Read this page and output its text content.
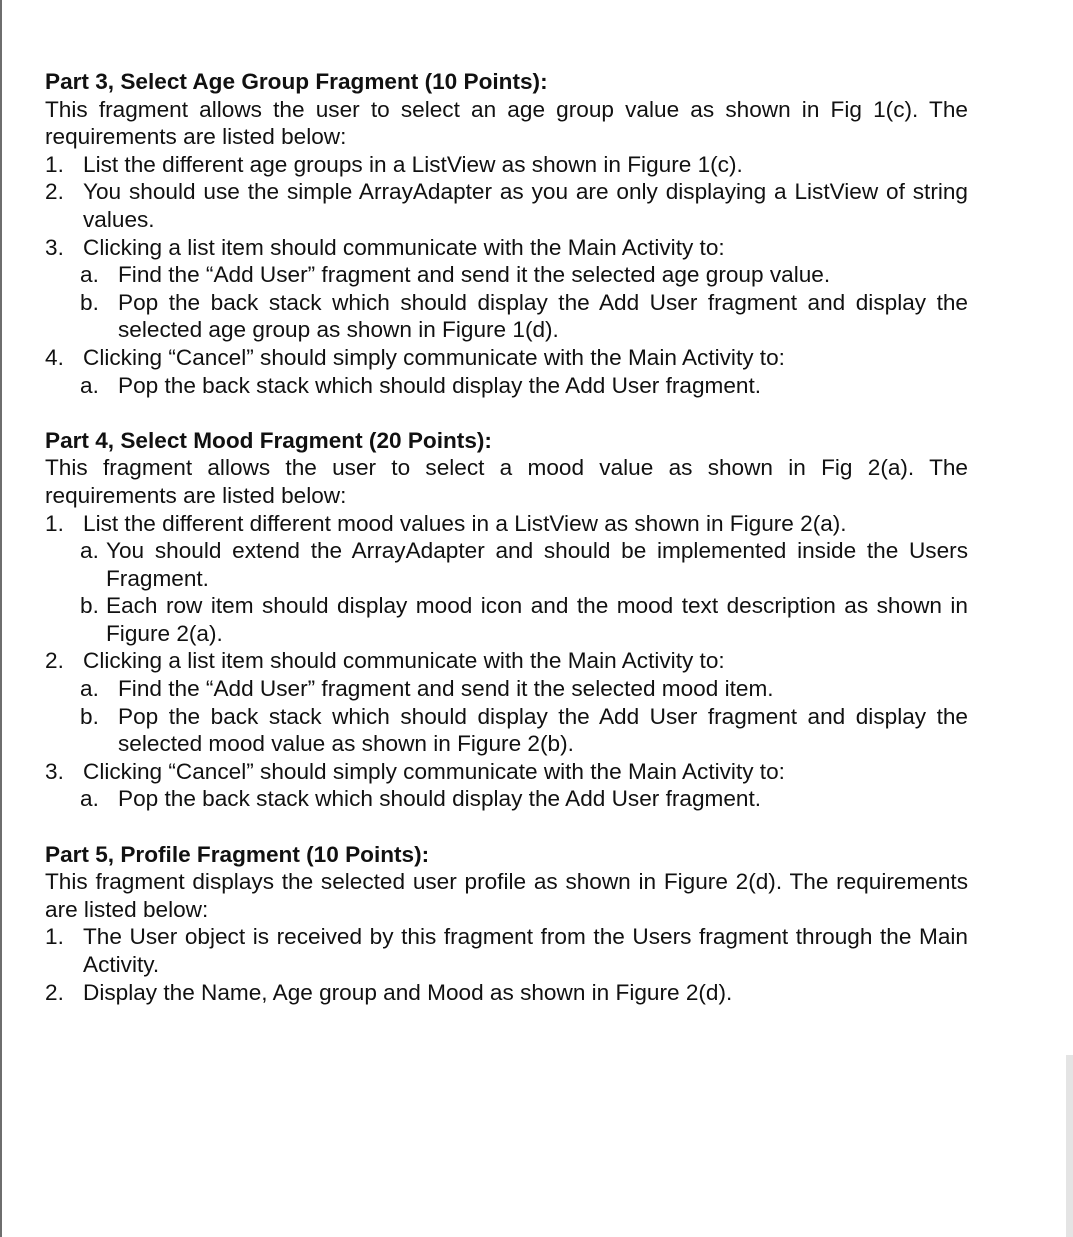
Part 3, Select Age Group Fragment (10 Points):

This fragment allows the user to select an age group value as shown in Fig 1(c). The requirements are listed below:

1. List the different age groups in a ListView as shown in Figure 1(c).
2. You should use the simple ArrayAdapter as you are only displaying a ListView of string values.
3. Clicking a list item should communicate with the Main Activity to:
a. Find the “Add User” fragment and send it the selected age group value.
b. Pop the back stack which should display the Add User fragment and display the selected age group as shown in Figure 1(d).
4. Clicking “Cancel” should simply communicate with the Main Activity to:
a. Pop the back stack which should display the Add User fragment.

Part 4, Select Mood Fragment (20 Points):

This fragment allows the user to select a mood value as shown in Fig 2(a). The requirements are listed below:

1. List the different different mood values in a ListView as shown in Figure 2(a).
a. You should extend the ArrayAdapter and should be implemented inside the Users Fragment.
b. Each row item should display mood icon and the mood text description as shown in Figure 2(a).
2. Clicking a list item should communicate with the Main Activity to:
a. Find the “Add User” fragment and send it the selected mood item.
b. Pop the back stack which should display the Add User fragment and display the selected mood value as shown in Figure 2(b).
3. Clicking “Cancel” should simply communicate with the Main Activity to:
a. Pop the back stack which should display the Add User fragment.

Part 5, Profile Fragment (10 Points):

This fragment displays the selected user profile as shown in Figure 2(d). The requirements are listed below:

1. The User object is received by this fragment from the Users fragment through the Main Activity.
2. Display the Name, Age group and Mood as shown in Figure 2(d).
